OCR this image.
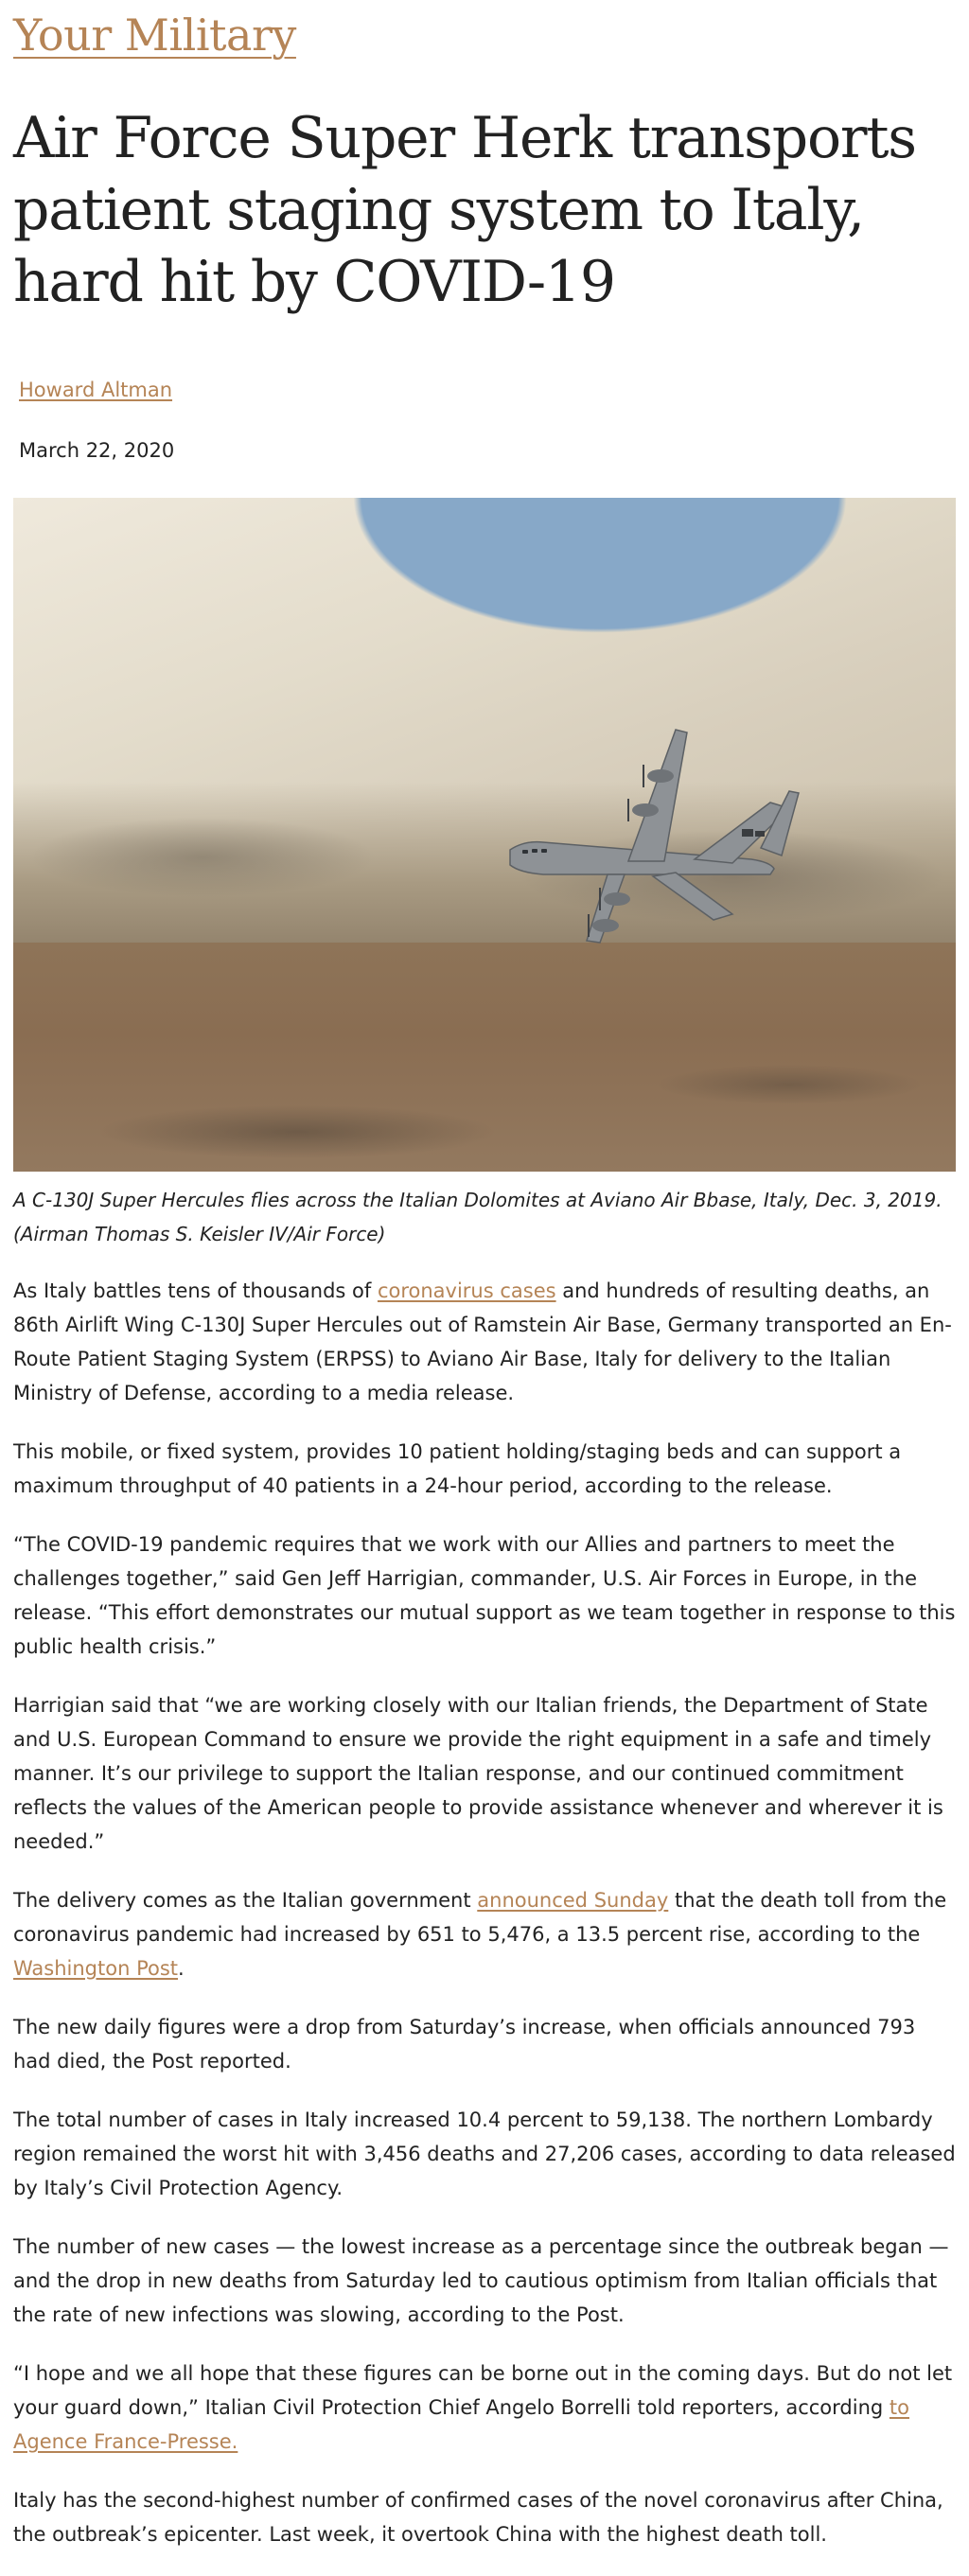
Your Military
Air Force Super Herk transports patient staging system to Italy, hard hit by COVID-19
Howard Altman
March 22, 2020

A C-130J Super Hercules flies across the Italian Dolomites at Aviano Air Bbase, Italy, Dec. 3, 2019. (Airman Thomas S. Keisler IV/Air Force)

As Italy battles tens of thousands of coronavirus cases and hundreds of resulting deaths, an 86th Airlift Wing C-130J Super Hercules out of Ramstein Air Base, Germany transported an En-Route Patient Staging System (ERPSS) to Aviano Air Base, Italy for delivery to the Italian Ministry of Defense, according to a media release.

This mobile, or fixed system, provides 10 patient holding/staging beds and can support a maximum throughput of 40 patients in a 24-hour period, according to the release.

“The COVID-19 pandemic requires that we work with our Allies and partners to meet the challenges together,” said Gen Jeff Harrigian, commander, U.S. Air Forces in Europe, in the release. “This effort demonstrates our mutual support as we team together in response to this public health crisis.”

Harrigian said that “we are working closely with our Italian friends, the Department of State and U.S. European Command to ensure we provide the right equipment in a safe and timely manner. It’s our privilege to support the Italian response, and our continued commitment reflects the values of the American people to provide assistance whenever and wherever it is needed.”

The delivery comes as the Italian government announced Sunday that the death toll from the coronavirus pandemic had increased by 651 to 5,476, a 13.5 percent rise, according to the Washington Post.

The new daily figures were a drop from Saturday’s increase, when officials announced 793 had died, the Post reported.

The total number of cases in Italy increased 10.4 percent to 59,138. The northern Lombardy region remained the worst hit with 3,456 deaths and 27,206 cases, according to data released by Italy’s Civil Protection Agency.

The number of new cases — the lowest increase as a percentage since the outbreak began — and the drop in new deaths from Saturday led to cautious optimism from Italian officials that the rate of new infections was slowing, according to the Post.

“I hope and we all hope that these figures can be borne out in the coming days. But do not let your guard down,” Italian Civil Protection Chief Angelo Borrelli told reporters, according to Agence France-Presse.

Italy has the second-highest number of confirmed cases of the novel coronavirus after China, the outbreak’s epicenter. Last week, it overtook China with the highest death toll.
